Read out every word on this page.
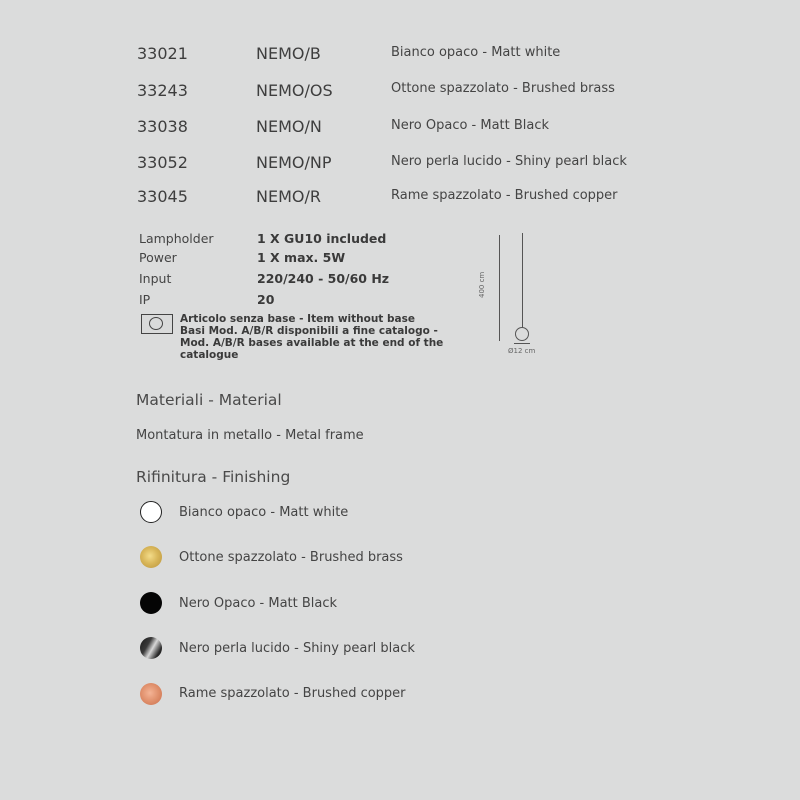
33021	NEMO/B	Bianco opaco - Matt white
33243	NEMO/OS	Ottone spazzolato - Brushed brass
33038	NEMO/N	Nero Opaco - Matt Black
33052	NEMO/NP	Nero perla lucido - Shiny pearl black
33045	NEMO/R	Rame spazzolato - Brushed copper
Lampholder	1 X GU10 included
Power	1 X max. 5W
Input	220/240 - 50/60 Hz
IP	20
Articolo senza base - Item without base
Basi Mod. A/B/R disponibili a fine catalogo -
Mod. A/B/R bases available at the end of the
catalogue
400 cm
Ø12 cm
Materiali - Material
Montatura in metallo - Metal frame
Rifinitura - Finishing
Bianco opaco - Matt white
Ottone spazzolato - Brushed brass
Nero Opaco - Matt Black
Nero perla lucido - Shiny pearl black
Rame spazzolato - Brushed copper
